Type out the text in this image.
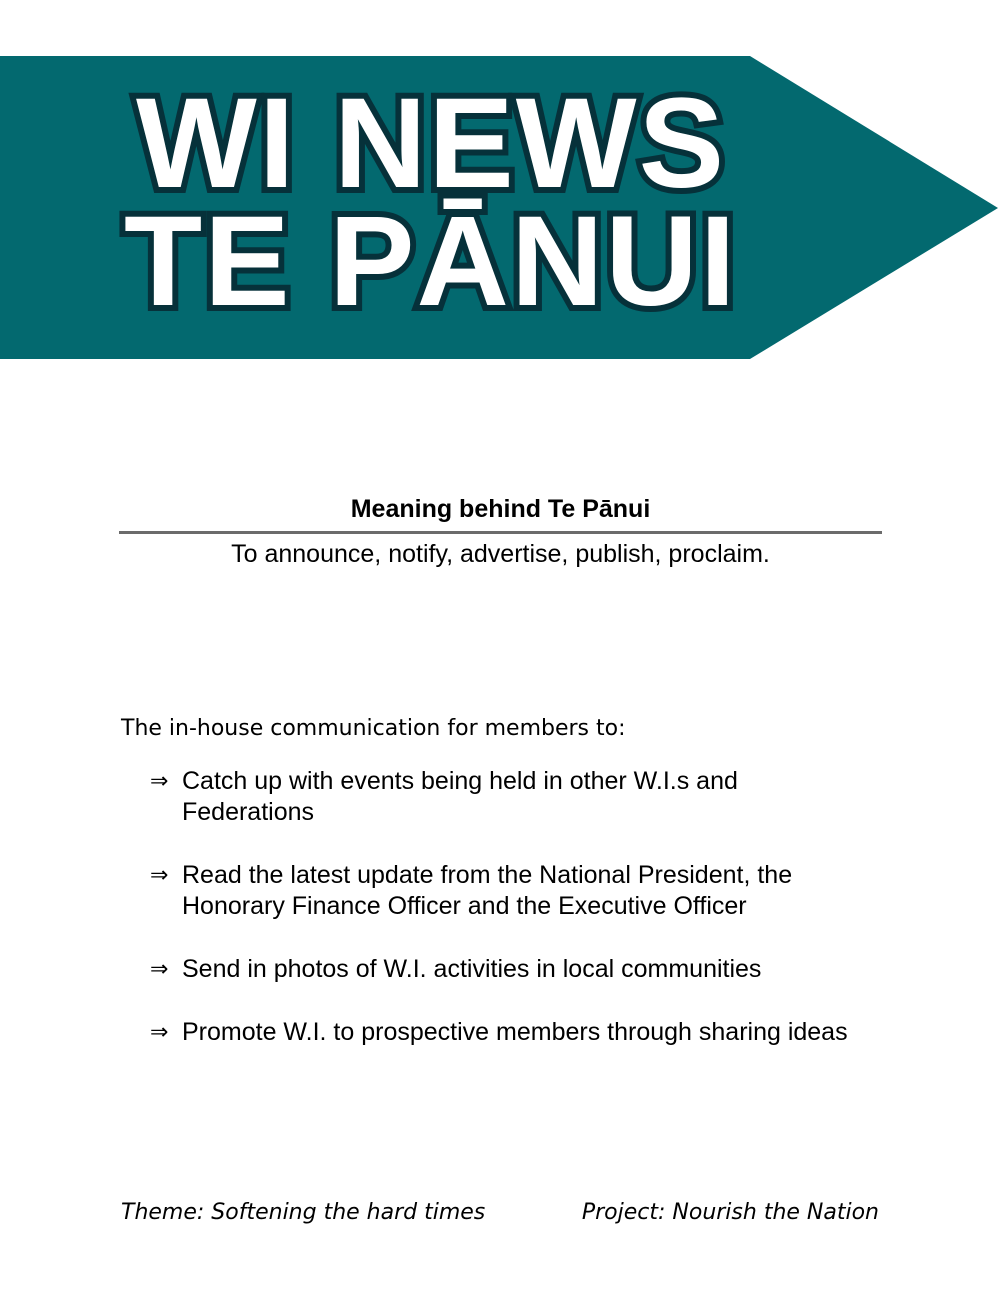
WI NEWS
TE PĀNUI
Meaning behind Te Pānui
To announce, notify, advertise, publish, proclaim.
The in-house communication for members to:
⇒ Catch up with events being held in other W.I.s and Federations
⇒ Read the latest update from the National President, the Honorary Finance Officer and the Executive Officer
⇒ Send in photos of W.I. activities in local communities
⇒ Promote W.I. to prospective members through sharing ideas
Theme: Softening the hard times	Project: Nourish the Nation
